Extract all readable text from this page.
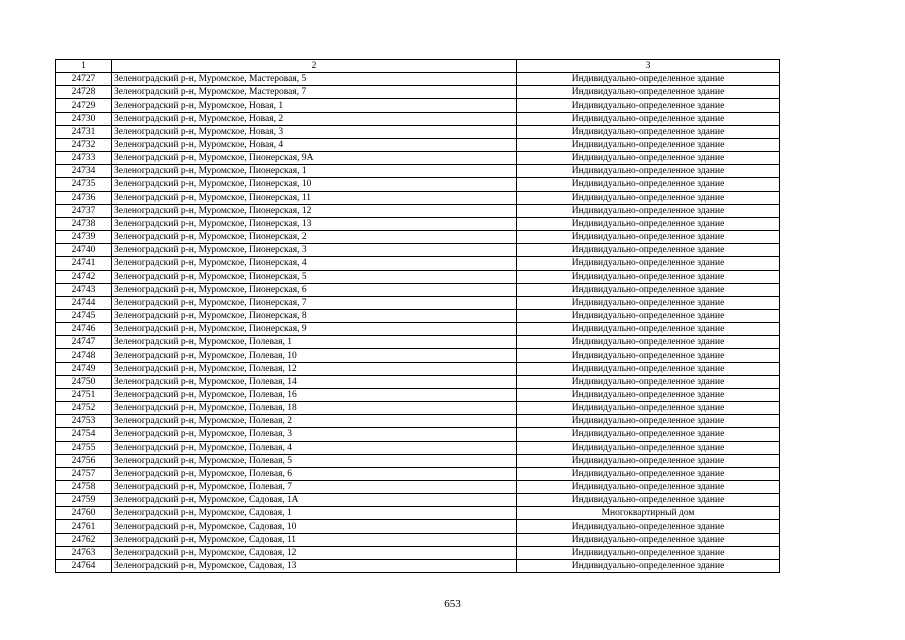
1	2	3
24727	Зеленоградский р-н, Муромское, Мастеровая, 5	Индивидуально-определенное здание
24728	Зеленоградский р-н, Муромское, Мастеровая, 7	Индивидуально-определенное здание
24729	Зеленоградский р-н, Муромское, Новая, 1	Индивидуально-определенное здание
24730	Зеленоградский р-н, Муромское, Новая, 2	Индивидуально-определенное здание
24731	Зеленоградский р-н, Муромское, Новая, 3	Индивидуально-определенное здание
24732	Зеленоградский р-н, Муромское, Новая, 4	Индивидуально-определенное здание
24733	Зеленоградский р-н, Муромское, Пионерская, 9А	Индивидуально-определенное здание
24734	Зеленоградский р-н, Муромское, Пионерская, 1	Индивидуально-определенное здание
24735	Зеленоградский р-н, Муромское, Пионерская, 10	Индивидуально-определенное здание
24736	Зеленоградский р-н, Муромское, Пионерская, 11	Индивидуально-определенное здание
24737	Зеленоградский р-н, Муромское, Пионерская, 12	Индивидуально-определенное здание
24738	Зеленоградский р-н, Муромское, Пионерская, 13	Индивидуально-определенное здание
24739	Зеленоградский р-н, Муромское, Пионерская, 2	Индивидуально-определенное здание
24740	Зеленоградский р-н, Муромское, Пионерская, 3	Индивидуально-определенное здание
24741	Зеленоградский р-н, Муромское, Пионерская, 4	Индивидуально-определенное здание
24742	Зеленоградский р-н, Муромское, Пионерская, 5	Индивидуально-определенное здание
24743	Зеленоградский р-н, Муромское, Пионерская, 6	Индивидуально-определенное здание
24744	Зеленоградский р-н, Муромское, Пионерская, 7	Индивидуально-определенное здание
24745	Зеленоградский р-н, Муромское, Пионерская, 8	Индивидуально-определенное здание
24746	Зеленоградский р-н, Муромское, Пионерская, 9	Индивидуально-определенное здание
24747	Зеленоградский р-н, Муромское, Полевая, 1	Индивидуально-определенное здание
24748	Зеленоградский р-н, Муромское, Полевая, 10	Индивидуально-определенное здание
24749	Зеленоградский р-н, Муромское, Полевая, 12	Индивидуально-определенное здание
24750	Зеленоградский р-н, Муромское, Полевая, 14	Индивидуально-определенное здание
24751	Зеленоградский р-н, Муромское, Полевая, 16	Индивидуально-определенное здание
24752	Зеленоградский р-н, Муромское, Полевая, 18	Индивидуально-определенное здание
24753	Зеленоградский р-н, Муромское, Полевая, 2	Индивидуально-определенное здание
24754	Зеленоградский р-н, Муромское, Полевая, 3	Индивидуально-определенное здание
24755	Зеленоградский р-н, Муромское, Полевая, 4	Индивидуально-определенное здание
24756	Зеленоградский р-н, Муромское, Полевая, 5	Индивидуально-определенное здание
24757	Зеленоградский р-н, Муромское, Полевая, 6	Индивидуально-определенное здание
24758	Зеленоградский р-н, Муромское, Полевая, 7	Индивидуально-определенное здание
24759	Зеленоградский р-н, Муромское, Садовая, 1А	Индивидуально-определенное здание
24760	Зеленоградский р-н, Муромское, Садовая, 1	Многоквартирный дом
24761	Зеленоградский р-н, Муромское, Садовая, 10	Индивидуально-определенное здание
24762	Зеленоградский р-н, Муромское, Садовая, 11	Индивидуально-определенное здание
24763	Зеленоградский р-н, Муромское, Садовая, 12	Индивидуально-определенное здание
24764	Зеленоградский р-н, Муромское, Садовая, 13	Индивидуально-определенное здание
653
